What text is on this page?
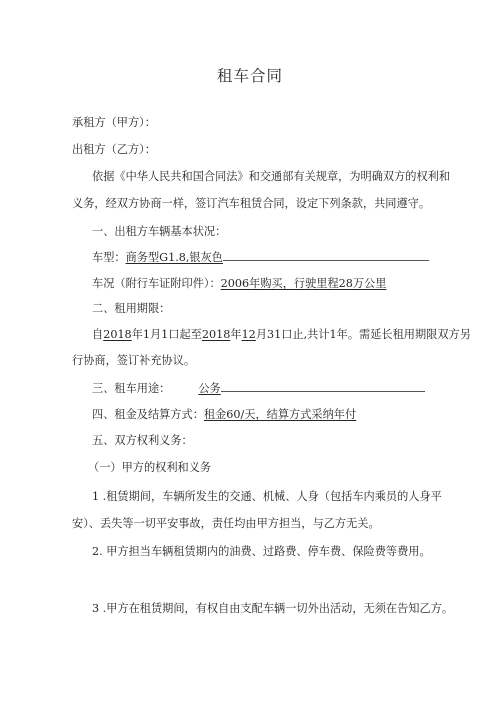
租车合同
承租方（甲方）：
出租方（乙方）：
依据《中华人民共和国合同法》和交通部有关规章，为明确双方的权利和
义务，经双方协商一样，签订汽车租赁合同，设定下列条款，共同遵守。
一、出租方车辆基本状况：
车型：商务型G1.8,银灰色
车况（附行车证附印件）：2006年购买，行驶里程28万公里
二、租用期限：
自2018年1月1口起至2018年12月31口止,共计1年。需延长租用期限双方另
行协商，签订补充协议。
三、租车用途：	公务
四、租金及结算方式：租金60/天，结算方式采纳年付
五、双方权利义务：
（一）甲方的权利和义务
1 .租赁期间，车辆所发生的交通、机械、人身（包括车内乘员的人身平
安）、丢失等一切平安事故，责任均由甲方担当，与乙方无关。
2. 甲方担当车辆租赁期内的油费、过路费、停车费、保险费等费用。
3 .甲方在租赁期间，有权自由支配车辆一切外出活动，无须在告知乙方。
